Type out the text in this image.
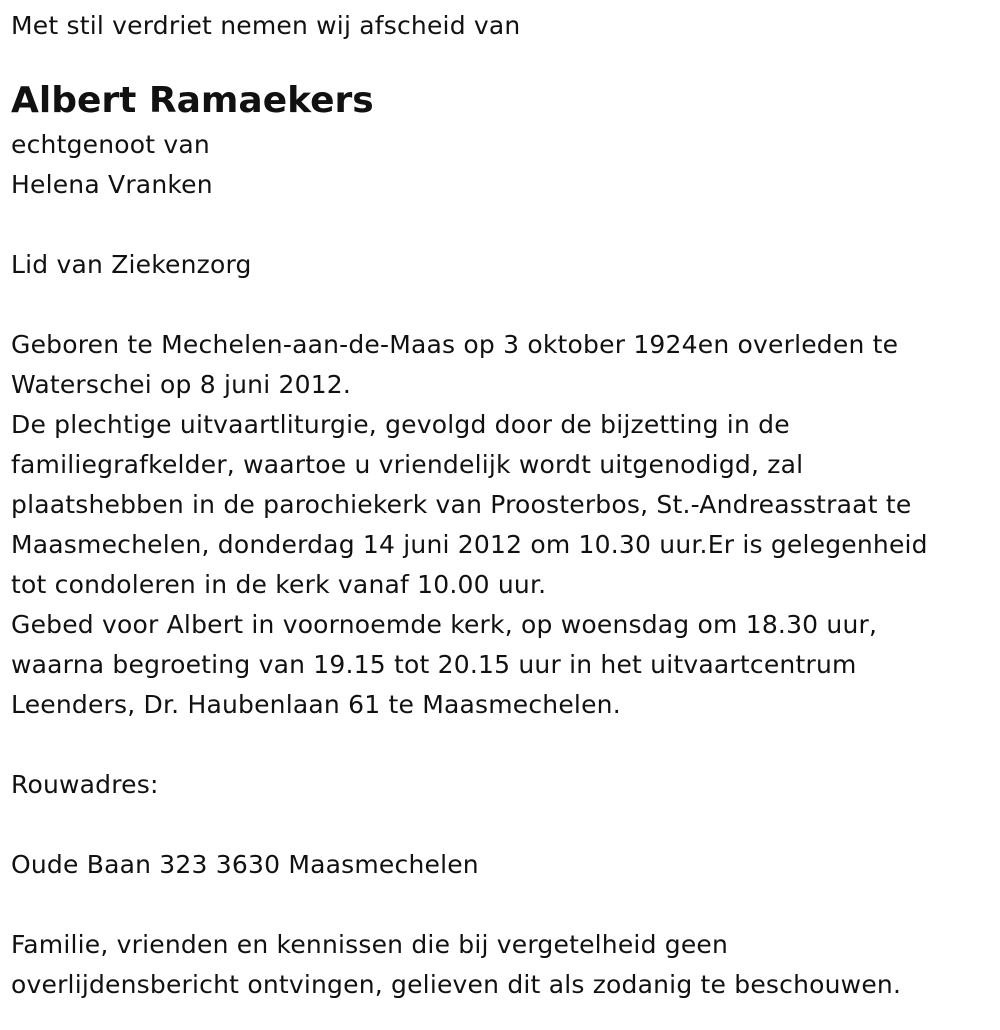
Met stil verdriet nemen wij afscheid van
Albert Ramaekers
echtgenoot van
Helena Vranken
Lid van Ziekenzorg
Geboren te Mechelen-aan-de-Maas op 3 oktober 1924en overleden te
Waterschei op 8 juni 2012.
De plechtige uitvaartliturgie, gevolgd door de bijzetting in de
familiegrafkelder, waartoe u vriendelijk wordt uitgenodigd, zal
plaatshebben in de parochiekerk van Proosterbos, St.-Andreasstraat te
Maasmechelen, donderdag 14 juni 2012 om 10.30 uur.Er is gelegenheid
tot condoleren in de kerk vanaf 10.00 uur.
Gebed voor Albert in voornoemde kerk, op woensdag om 18.30 uur,
waarna begroeting van 19.15 tot 20.15 uur in het uitvaartcentrum
Leenders, Dr. Haubenlaan 61 te Maasmechelen.
Rouwadres:
Oude Baan 323 3630 Maasmechelen
Familie, vrienden en kennissen die bij vergetelheid geen
overlijdensbericht ontvingen, gelieven dit als zodanig te beschouwen.
